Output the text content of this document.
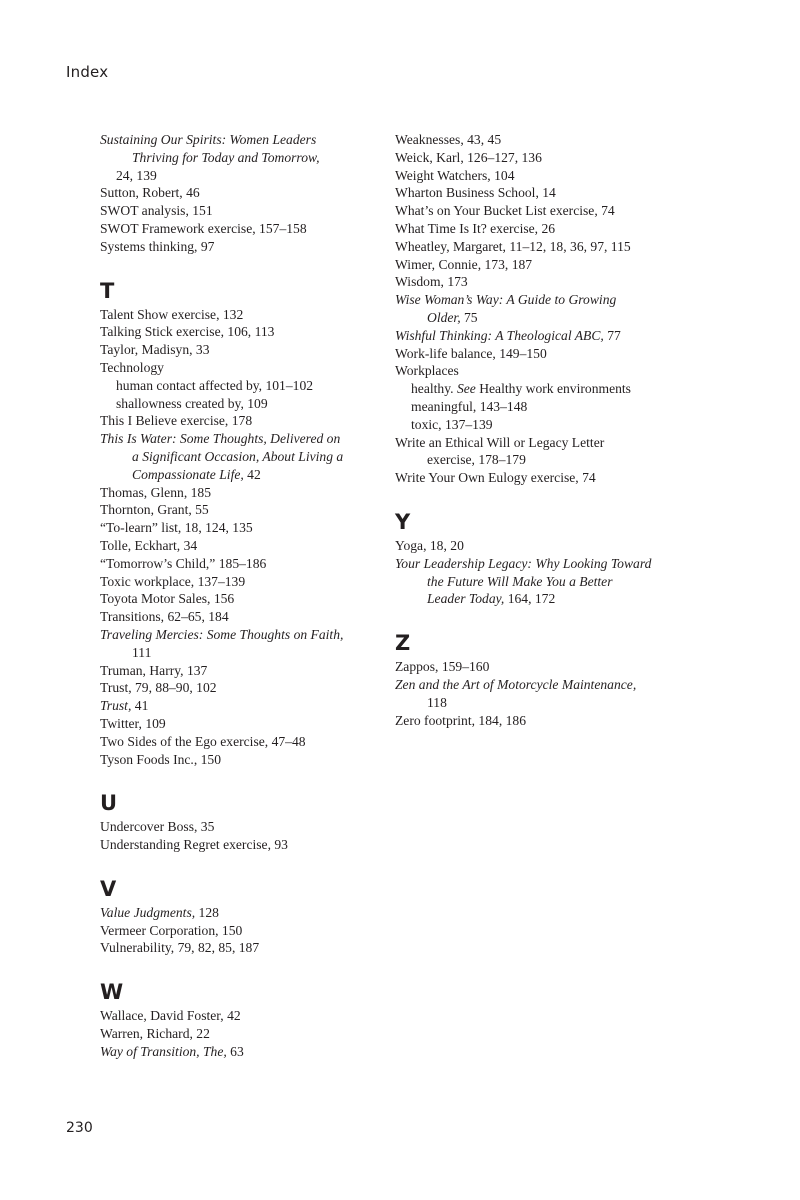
Index
Sustaining Our Spirits: Women Leaders
Thriving for Today and Tomorrow,
24, 139
Sutton, Robert, 46
SWOT analysis, 151
SWOT Framework exercise, 157–158
Systems thinking, 97
T
Talent Show exercise, 132
Talking Stick exercise, 106, 113
Taylor, Madisyn, 33
Technology
human contact affected by, 101–102
shallowness created by, 109
This I Believe exercise, 178
This Is Water: Some Thoughts, Delivered on
a Significant Occasion, About Living a
Compassionate Life, 42
Thomas, Glenn, 185
Thornton, Grant, 55
“To-learn” list, 18, 124, 135
Tolle, Eckhart, 34
“Tomorrow’s Child,” 185–186
Toxic workplace, 137–139
Toyota Motor Sales, 156
Transitions, 62–65, 184
Traveling Mercies: Some Thoughts on Faith,
111
Truman, Harry, 137
Trust, 79, 88–90, 102
Trust, 41
Twitter, 109
Two Sides of the Ego exercise, 47–48
Tyson Foods Inc., 150
U
Undercover Boss, 35
Understanding Regret exercise, 93
V
Value Judgments, 128
Vermeer Corporation, 150
Vulnerability, 79, 82, 85, 187
W
Wallace, David Foster, 42
Warren, Richard, 22
Way of Transition, The, 63
Weaknesses, 43, 45
Weick, Karl, 126–127, 136
Weight Watchers, 104
Wharton Business School, 14
What’s on Your Bucket List exercise, 74
What Time Is It? exercise, 26
Wheatley, Margaret, 11–12, 18, 36, 97, 115
Wimer, Connie, 173, 187
Wisdom, 173
Wise Woman’s Way: A Guide to Growing
Older, 75
Wishful Thinking: A Theological ABC, 77
Work-life balance, 149–150
Workplaces
healthy. See Healthy work environments
meaningful, 143–148
toxic, 137–139
Write an Ethical Will or Legacy Letter
exercise, 178–179
Write Your Own Eulogy exercise, 74
Y
Yoga, 18, 20
Your Leadership Legacy: Why Looking Toward
the Future Will Make You a Better
Leader Today, 164, 172
Z
Zappos, 159–160
Zen and the Art of Motorcycle Maintenance,
118
Zero footprint, 184, 186
230
